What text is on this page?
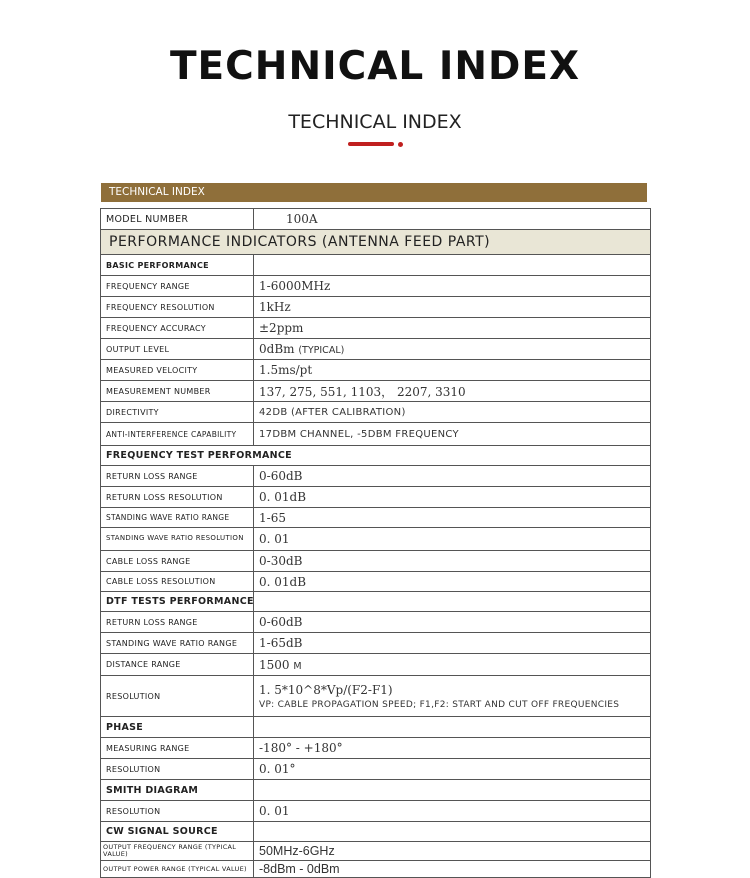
TECHNICAL INDEX
TECHNICAL INDEX
TECHNICAL INDEX
MODEL NUMBER	100A
PERFORMANCE INDICATORS (ANTENNA FEED PART)	
BASIC PERFORMANCE	
FREQUENCY RANGE	1-6000MHz
FREQUENCY RESOLUTION	1kHz
FREQUENCY ACCURACY	±2ppm
OUTPUT LEVEL	0dBm (TYPICAL)
MEASURED VELOCITY	1.5ms/pt
MEASUREMENT NUMBER	137, 275, 551, 1103， 2207, 3310
DIRECTIVITY	42DB (AFTER CALIBRATION)
ANTI-INTERFERENCE CAPABILITY	17DBM CHANNEL, -5DBM FREQUENCY
FREQUENCY TEST PERFORMANCE	
RETURN LOSS RANGE	0-60dB
RETURN LOSS RESOLUTION	0. 01dB
STANDING WAVE RATIO RANGE	1-65
STANDING WAVE RATIO RESOLUTION	0. 01
CABLE LOSS RANGE	0-30dB
CABLE LOSS RESOLUTION	0. 01dB
DTF TESTS PERFORMANCE	
RETURN LOSS RANGE	0-60dB
STANDING WAVE RATIO RANGE	1-65dB
DISTANCE RANGE	1500 M
RESOLUTION	1. 5*10^8*Vp/(F2-F1)
VP: CABLE PROPAGATION SPEED; F1,F2: START AND CUT OFF FREQUENCIES

PHASE	
MEASURING RANGE	-180° - +180°
RESOLUTION	0. 01°
SMITH DIAGRAM	
RESOLUTION	0. 01
CW SIGNAL SOURCE	
OUTPUT FREQUENCY RANGE (TYPICAL VALUE)	50MHz-6GHz
OUTPUT POWER RANGE (TYPICAL VALUE)	-8dBm - 0dBm
